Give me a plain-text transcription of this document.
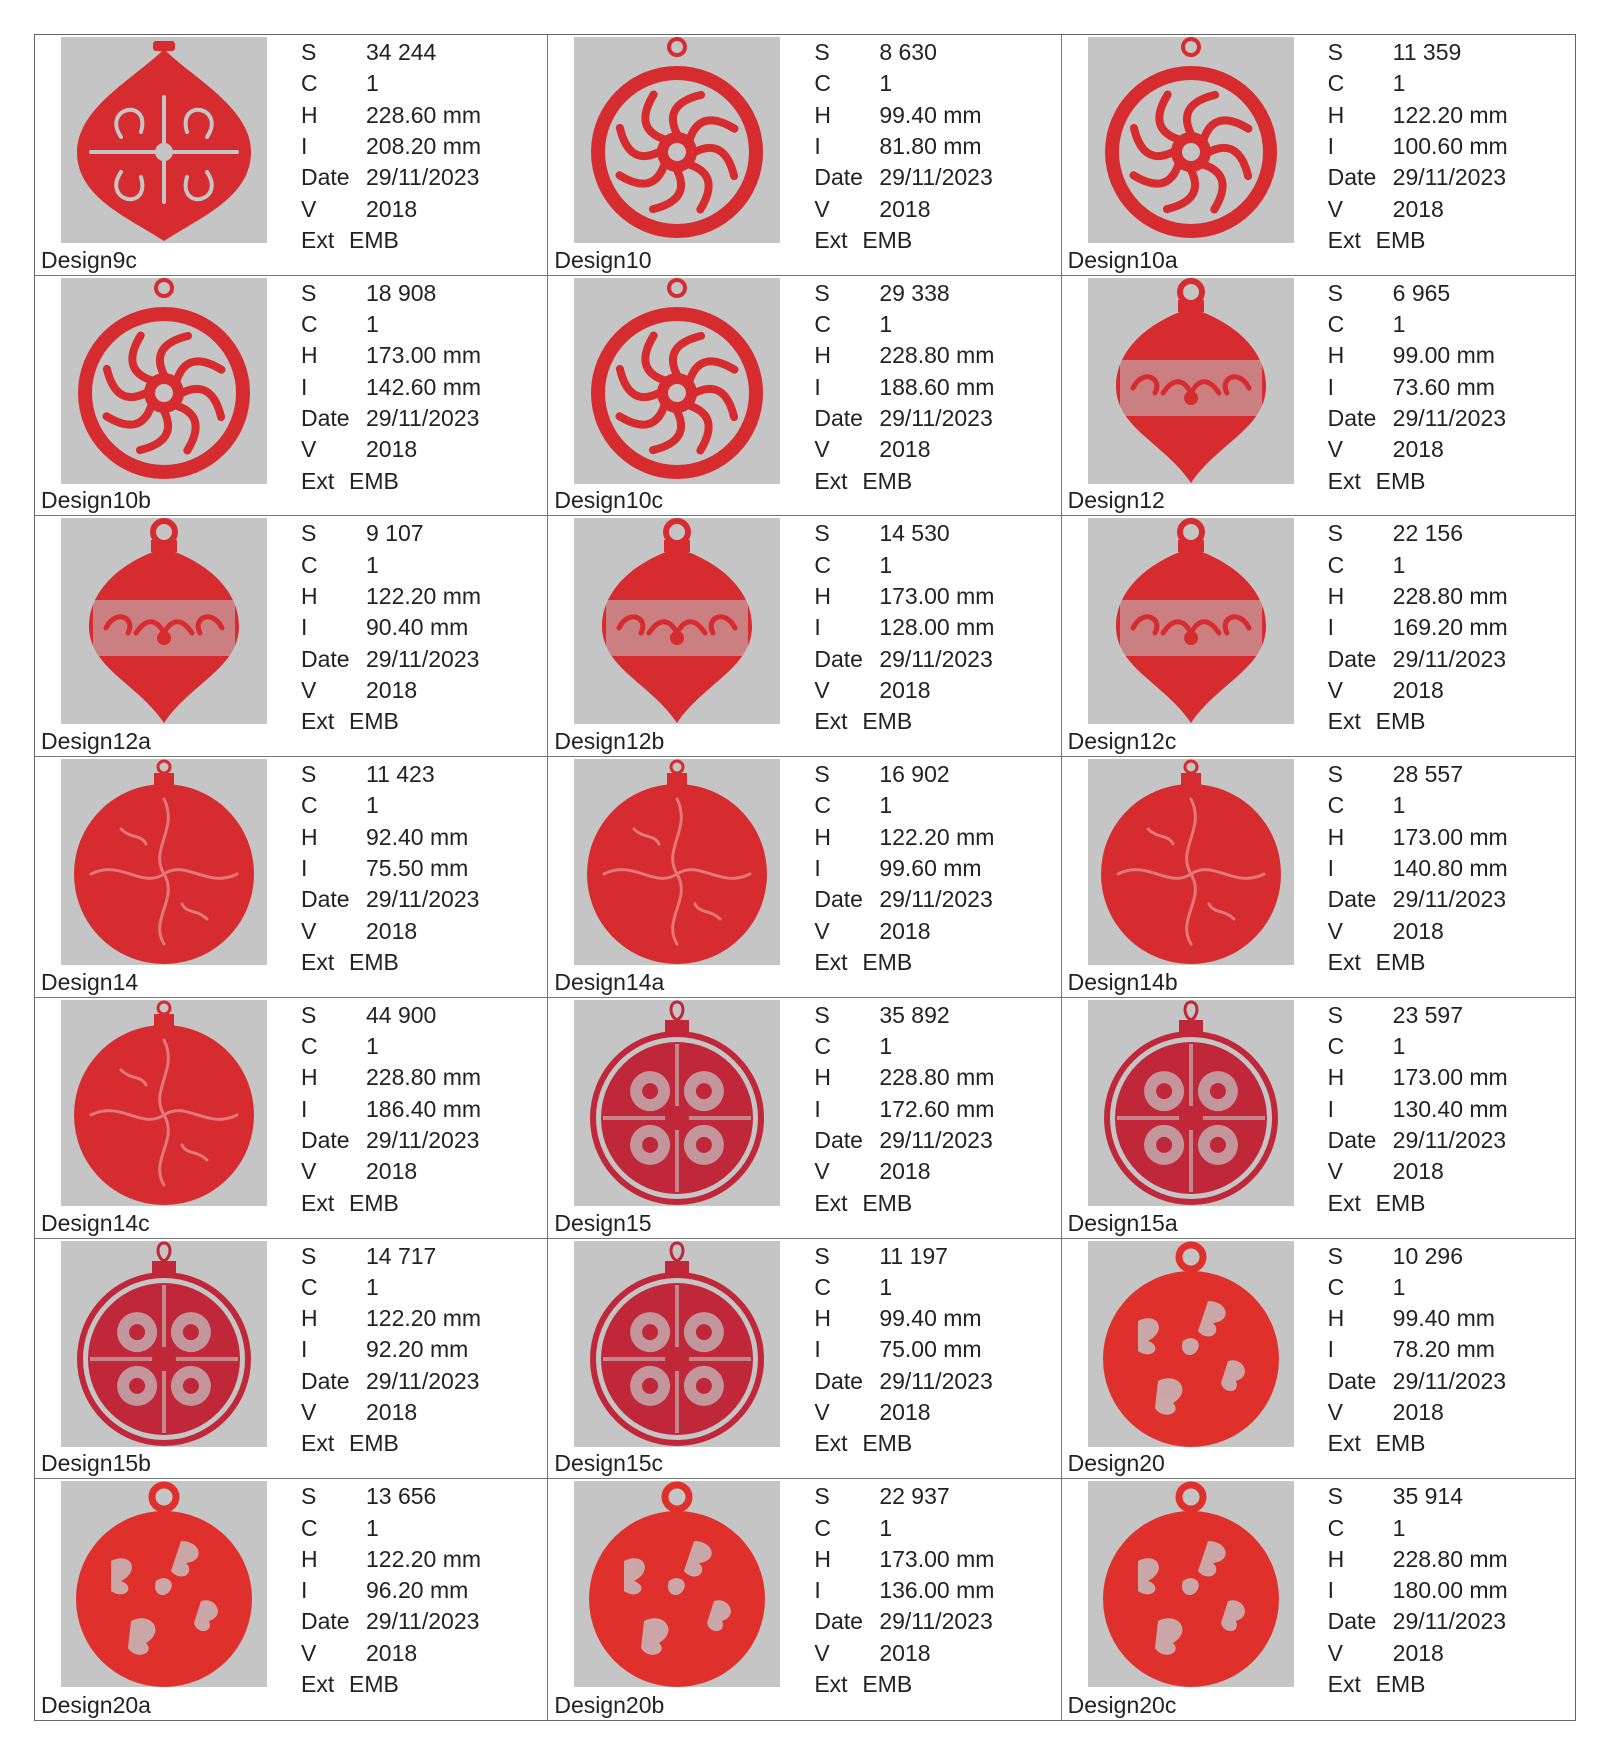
Design9c
S 34 244
C 1
H 228.60 mm
I	208.20 mm
Date 29/11/2023
V 2018
Ext EMB
Design10
S 8 630
C 1
H 99.40 mm
I	81.80 mm
Date 29/11/2023
V 2018
Ext EMB
Design10a
S 11 359
C 1
H 122.20 mm
I	100.60 mm
Date 29/11/2023
V 2018
Ext EMB
Design10b
S 18 908
C 1
H 173.00 mm
I	142.60 mm
Date 29/11/2023
V 2018
Ext EMB
Design10c
S 29 338
C 1
H 228.80 mm
I	188.60 mm
Date 29/11/2023
V 2018
Ext EMB
Design12
S 6 965
C 1
H 99.00 mm
I	73.60 mm
Date 29/11/2023
V 2018
Ext EMB
Design12a
S 9 107
C 1
H 122.20 mm
I	90.40 mm
Date 29/11/2023
V 2018
Ext EMB
Design12b
S 14 530
C 1
H 173.00 mm
I	128.00 mm
Date 29/11/2023
V 2018
Ext EMB
Design12c
S 22 156
C 1
H 228.80 mm
I	169.20 mm
Date 29/11/2023
V 2018
Ext EMB
Design14
S 11 423
C 1
H 92.40 mm
I	75.50 mm
Date 29/11/2023
V 2018
Ext EMB
Design14a
S 16 902
C 1
H 122.20 mm
I	99.60 mm
Date 29/11/2023
V 2018
Ext EMB
Design14b
S 28 557
C 1
H 173.00 mm
I	140.80 mm
Date 29/11/2023
V 2018
Ext EMB
Design14c
S 44 900
C 1
H 228.80 mm
I	186.40 mm
Date 29/11/2023
V 2018
Ext EMB
Design15
S 35 892
C 1
H 228.80 mm
I	172.60 mm
Date 29/11/2023
V 2018
Ext EMB
Design15a
S 23 597
C 1
H 173.00 mm
I	130.40 mm
Date 29/11/2023
V 2018
Ext EMB
Design15b
S 14 717
C 1
H 122.20 mm
I	92.20 mm
Date 29/11/2023
V 2018
Ext EMB
Design15c
S 11 197
C 1
H 99.40 mm
I	75.00 mm
Date 29/11/2023
V 2018
Ext EMB
Design20
S 10 296
C 1
H 99.40 mm
I	78.20 mm
Date 29/11/2023
V 2018
Ext EMB
Design20a
S 13 656
C 1
H 122.20 mm
I	96.20 mm
Date 29/11/2023
V 2018
Ext EMB
Design20b
S 22 937
C 1
H 173.00 mm
I	136.00 mm
Date 29/11/2023
V 2018
Ext EMB
Design20c
S 35 914
C 1
H 228.80 mm
I	180.00 mm
Date 29/11/2023
V 2018
Ext EMB
